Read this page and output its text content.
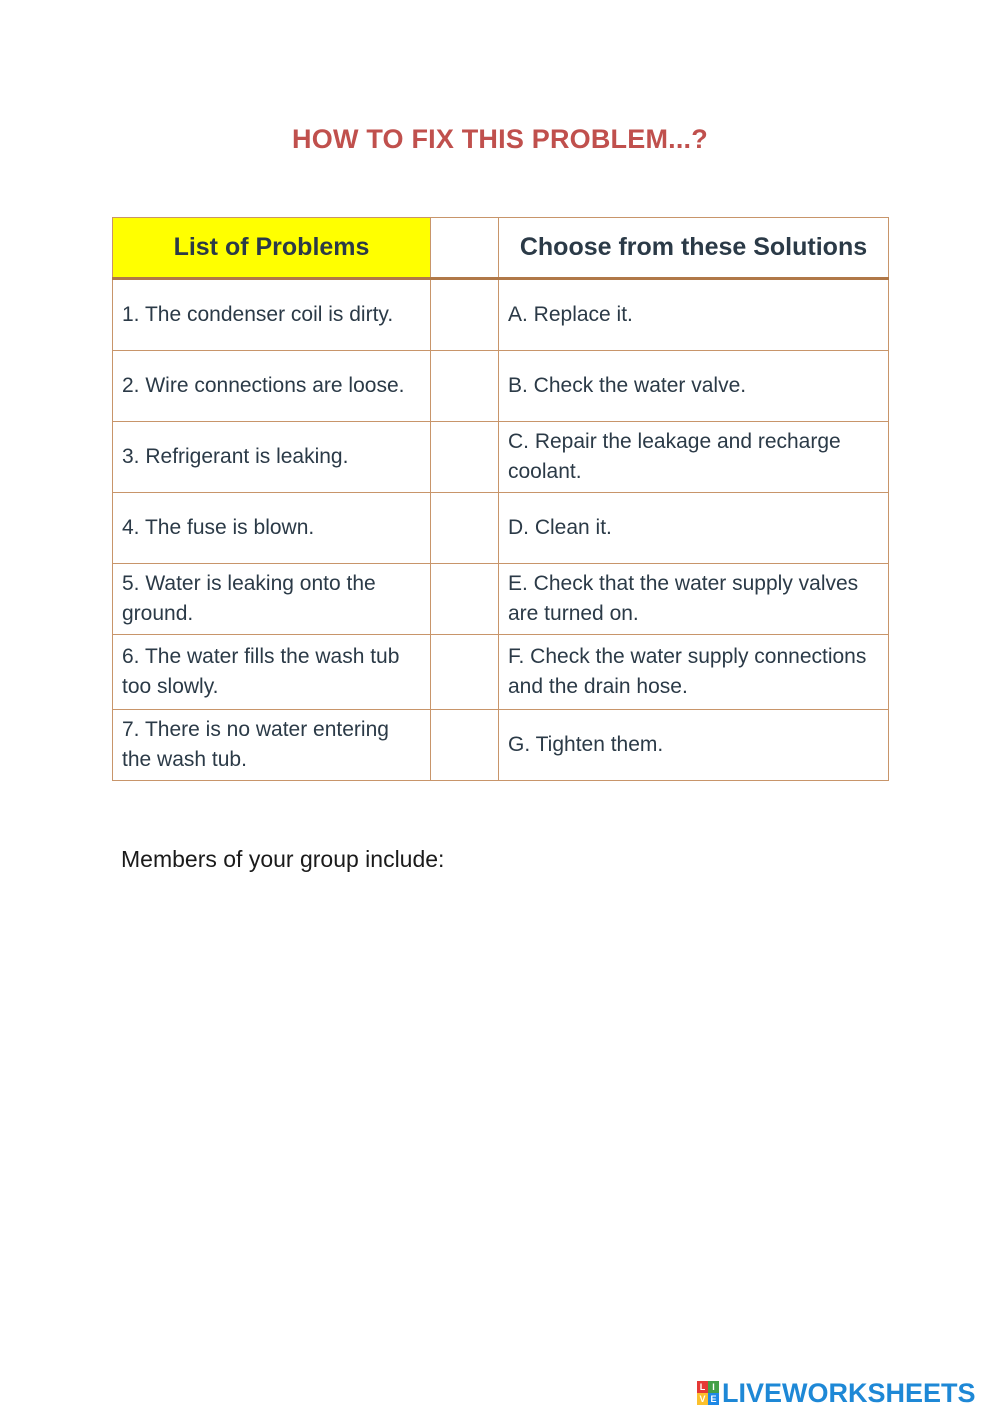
HOW TO FIX THIS PROBLEM...?
List of Problems		Choose from these Solutions
1. The condenser coil is dirty.		A. Replace it.
2. Wire connections are loose.		B. Check the water valve.
3. Refrigerant is leaking.		C. Repair the leakage and recharge coolant.
4. The fuse is blown.		D. Clean it.
5. Water is leaking onto the ground.		E. Check that the water supply valves are turned on.
6. The water fills the wash tub too slowly.		F. Check the water supply connections and the drain hose.
7. There is no water entering the wash tub.		G. Tighten them.
Members of your group include:
L I
V E LIVEWORKSHEETS
